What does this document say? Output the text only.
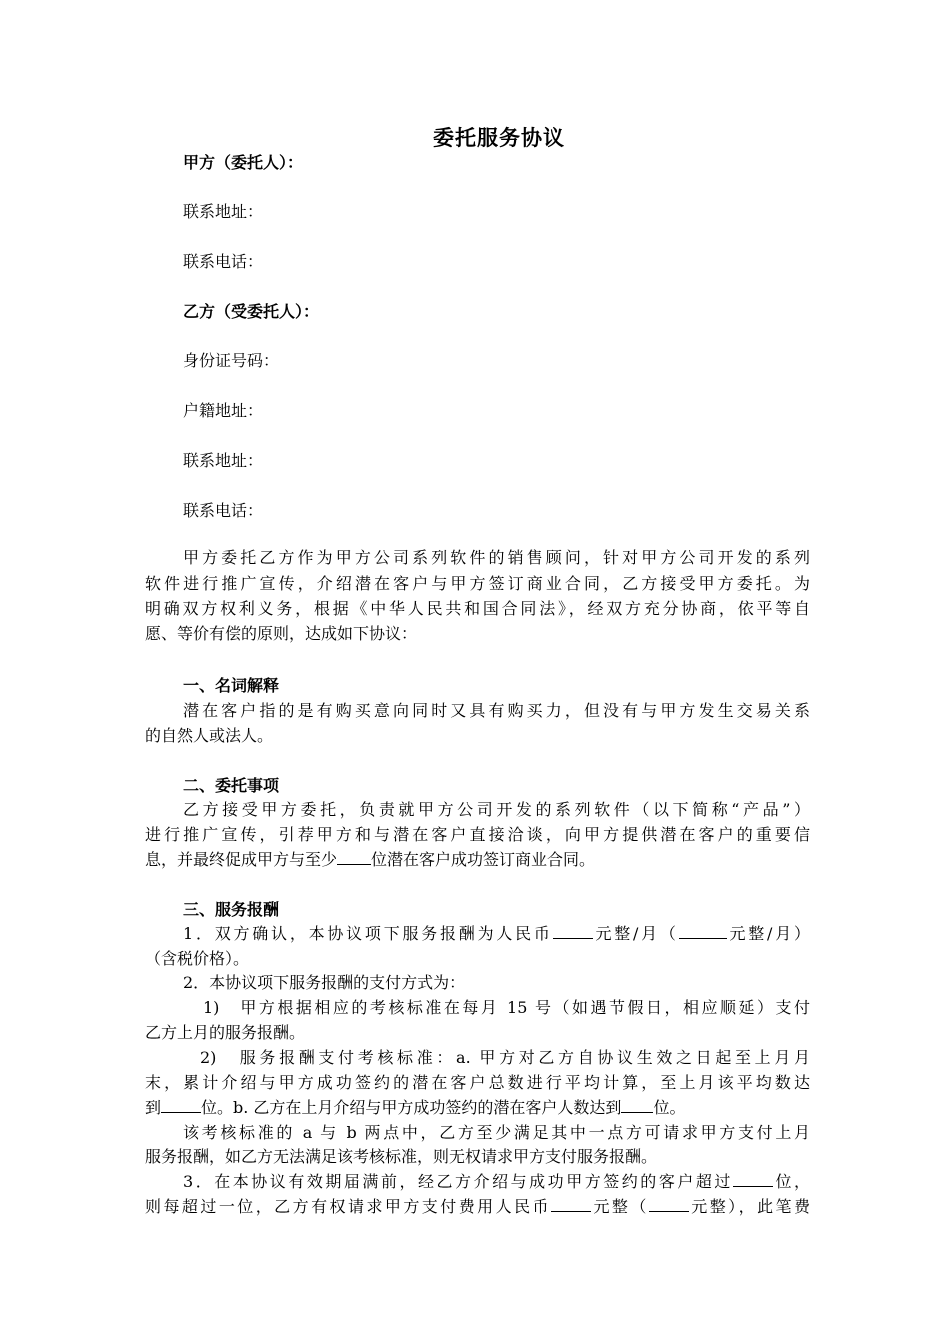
委托服务协议
甲方（委托人）：
联系地址：
联系电话：
乙方（受委托人）：
身份证号码：
户籍地址：
联系地址：
联系电话：
甲方委托乙方作为甲方公司系列软件的销售顾问，针对甲方公司开发的系列
软件进行推广宣传，介绍潜在客户与甲方签订商业合同，乙方接受甲方委托。为
明确双方权利义务，根据《中华人民共和国合同法》，经双方充分协商，依平等自
愿、等价有偿的原则，达成如下协议：
一、名词解释
潜在客户指的是有购买意向同时又具有购买力，但没有与甲方发生交易关系
的自然人或法人。
二、委托事项
乙方接受甲方委托，负责就甲方公司开发的系列软件（以下简称“产品”）
进行推广宣传，引荐甲方和与潜在客户直接洽谈，向甲方提供潜在客户的重要信
息，并最终促成甲方与至少 位潜在客户成功签订商业合同。
三、服务报酬
1．双方确认，本协议项下服务报酬为人民币	元整/月（	元整/月）
（含税价格）。
2．本协议项下服务报酬的支付方式为：
1)　甲方根据相应的考核标准在每月 15 号（如遇节假日，相应顺延）支付
乙方上月的服务报酬。
2)　服务报酬支付考核标准：a. 甲方对乙方自协议生效之日起至上月月
末，累计介绍与甲方成功签约的潜在客户总数进行平均计算，至上月该平均数达
到	位。b. 乙方在上月介绍与甲方成功签约的潜在客户人数达到 位。
该考核标准的 a 与 b 两点中，乙方至少满足其中一点方可请求甲方支付上月
服务报酬，如乙方无法满足该考核标准，则无权请求甲方支付服务报酬。
3．在本协议有效期届满前，经乙方介绍与成功甲方签约的客户超过	位，
则每超过一位，乙方有权请求甲方支付费用人民币	元整（	元整），此笔费
